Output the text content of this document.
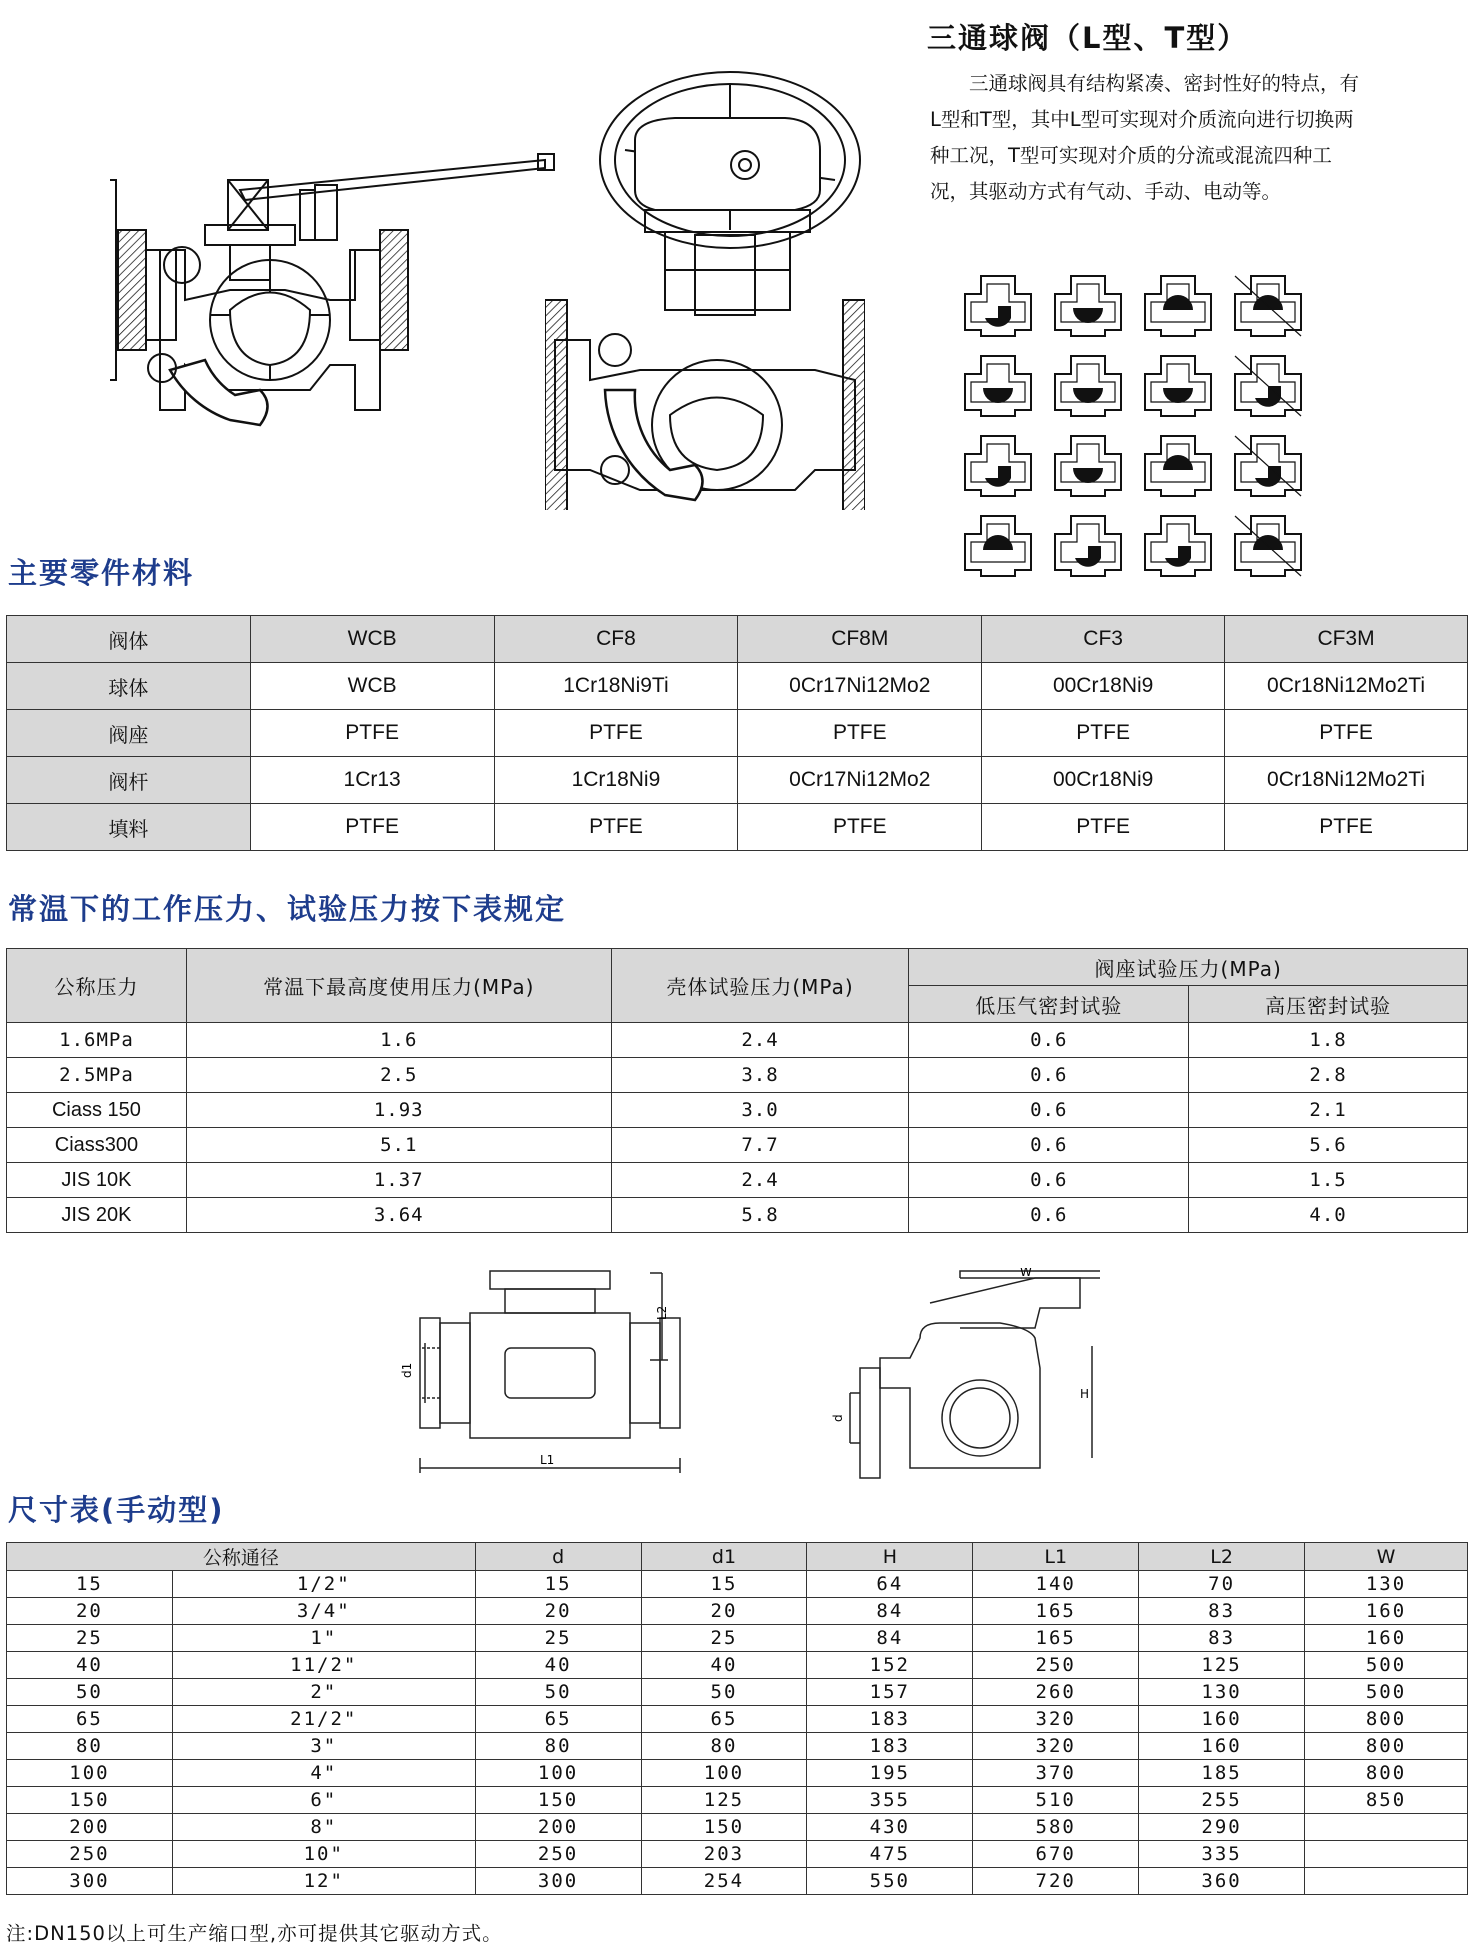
三通球阀（L型、T型）

三通球阀具有结构紧凑、密封性好的特点，有L型和T型，其中L型可实现对介质流向进行切换两种工况，T型可实现对介质的分流或混流四种工况，其驱动方式有气动、手动、电动等。

主要零件材料
阀体	WCB	CF8	CF8M	CF3	CF3M
球体	WCB	1Cr18Ni9Ti	0Cr17Ni12Mo2	00Cr18Ni9	0Cr18Ni12Mo2Ti
阀座	PTFE	PTFE	PTFE	PTFE	PTFE
阀杆	1Cr13	1Cr18Ni9	0Cr17Ni12Mo2	00Cr18Ni9	0Cr18Ni12Mo2Ti
填料	PTFE	PTFE	PTFE	PTFE	PTFE
常温下的工作压力、试验压力按下表规定
公称压力	常温下最高度使用压力(MPa)	壳体试验压力(MPa)	阀座试验压力(MPa)	
			低压气密封试验	高压密封试验
1.6MPa	1.6	2.4	0.6	1.8
2.5MPa	2.5	3.8	0.6	2.8
Ciass 150	1.93	3.0	0.6	2.1
Ciass300	5.1	7.7	0.6	5.6
JIS 10K	1.37	2.4	0.6	1.5
JIS 20K	3.64	5.8	0.6	4.0
d1
L2
L1
W
H
d
尺寸表(手动型)
公称通径		d	d1	H	L1	L2	W
15	1/2"	15	15	64	140	70	130
20	3/4"	20	20	84	165	83	160
25	1"	25	25	84	165	83	160
40	11/2"	40	40	152	250	125	500
50	2"	50	50	157	260	130	500
65	21/2"	65	65	183	320	160	800
80	3"	80	80	183	320	160	800
100	4"	100	100	195	370	185	800
150	6"	150	125	355	510	255	850
200	8"	200	150	430	580	290	
250	10"	250	203	475	670	335	
300	12"	300	254	550	720	360	
注:DN150以上可生产缩口型,亦可提供其它驱动方式。
